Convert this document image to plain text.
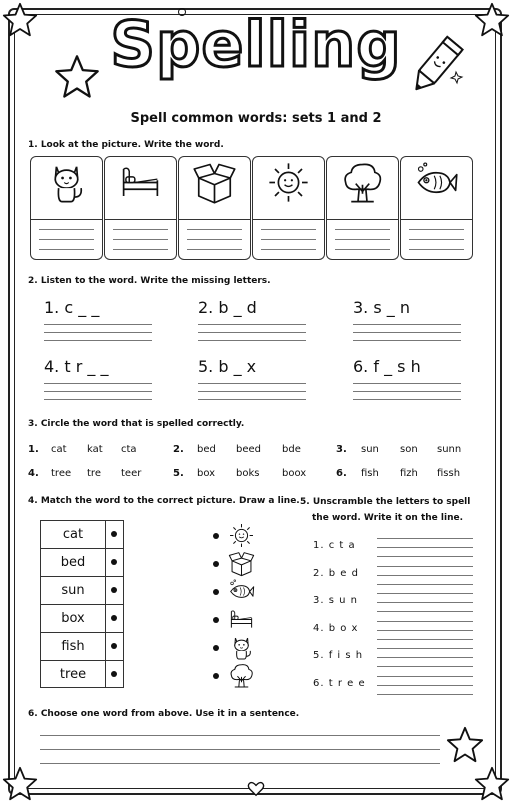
Spelling
Spell common words: sets 1 and 2
1. Look at the picture. Write the word.
2. Listen to the word. Write the missing letters.
1. c _ _	2. b _ d	3. s _ n
4. t r _ _	5. b _ x	6. f _ s h
3. Circle the word that is spelled correctly.
1. cat kat cta	2. bed beed bde	3. sun son sunn
4. tree tre teer	5. box boks boox	6. fish fizh fissh
4. Match the word to the correct picture. Draw a line.
cat
bed
sun
box
fish
tree
5. Unscramble the letters to spell
the word. Write it on the line.
1. c t a
2. b e d
3. s u n
4. b o x
5. f i s h
6. t r e e
6. Choose one word from above. Use it in a sentence.
